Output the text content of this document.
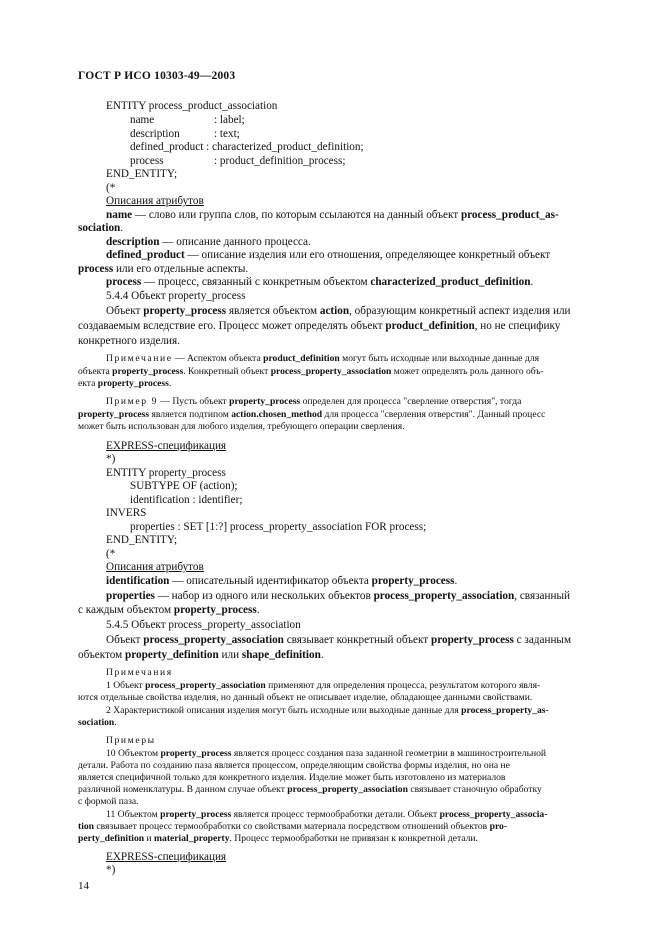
ГОСТ Р ИСО 10303-49—2003
ENTITY process_product_association
name	: label;
description	: text;
defined_product : characterized_product_definition;
process	: product_definition_process;
END_ENTITY;
(*
Описания атрибутов
name — слово или группа слов, по которым ссылаются на данный объект process_product_as-
sociation.
description — описание данного процесса.
defined_product — описание изделия или его отношения, определяющее конкретный объект
process или его отдельные аспекты.
process — процесс, связанный с конкретным объектом characterized_product_definition.
5.4.4 Объект property_process
Объект property_process является объектом action, образующим конкретный аспект изделия или
создаваемым вследствие его. Процесс может определять объект product_definition, но не специфику
конкретного изделия.
Примечание — Аспектом объекта product_definition могут быть исходные или выходные данные для
объекта property_process. Конкретный объект process_property_association может определять роль данного объ-
екта property_process.
Пример 9 — Пусть объект property_process определен для процесса "сверление отверстия", тогда
property_process является подтипом action.chosen_method для процесса "сверления отверстия". Данный процесс
может быть использован для любого изделия, требующего операции сверления.
EXPRESS-спецификация
*)
ENTITY property_process
SUBTYPE OF (action);
identification : identifier;
INVERS
properties : SET [1:?] process_property_association FOR process;
END_ENTITY;
(*
Описания атрибутов
identification — описательный идентификатор объекта property_process.
properties — набор из одного или нескольких объектов process_property_association, связанный
с каждым объектом property_process.
5.4.5 Объект process_property_association
Объект process_property_association связывает конкретный объект property_process с заданным
объектом property_definition или shape_definition.
Примечания
1 Объект process_property_association применяют для определения процесса, результатом которого явля-
ются отдельные свойства изделия, но данный объект не описывает изделие, обладающее данными свойствами.
2 Характеристикой описания изделия могут быть исходные или выходные данные для process_property_as-
sociation.
Примеры
10 Объектом property_process является процесс создания паза заданной геометрии в машиностроительной
детали. Работа по созданию паза является процессом, определяющим свойства формы изделия, но она не
является специфичной только для конкретного изделия. Изделие может быть изготовлено из материалов
различной номенклатуры. В данном случае объект process_property_association связывает станочную обработку
с формой паза.
11 Объектом property_process является процесс термообработки детали. Объект process_property_associa-
tion связывает процесс термообработки со свойствами материала посредством отношений объектов pro-
perty_definition и material_property. Процесс термообработки не привязан к конкретной детали.
EXPRESS-спецификация
*)
14
